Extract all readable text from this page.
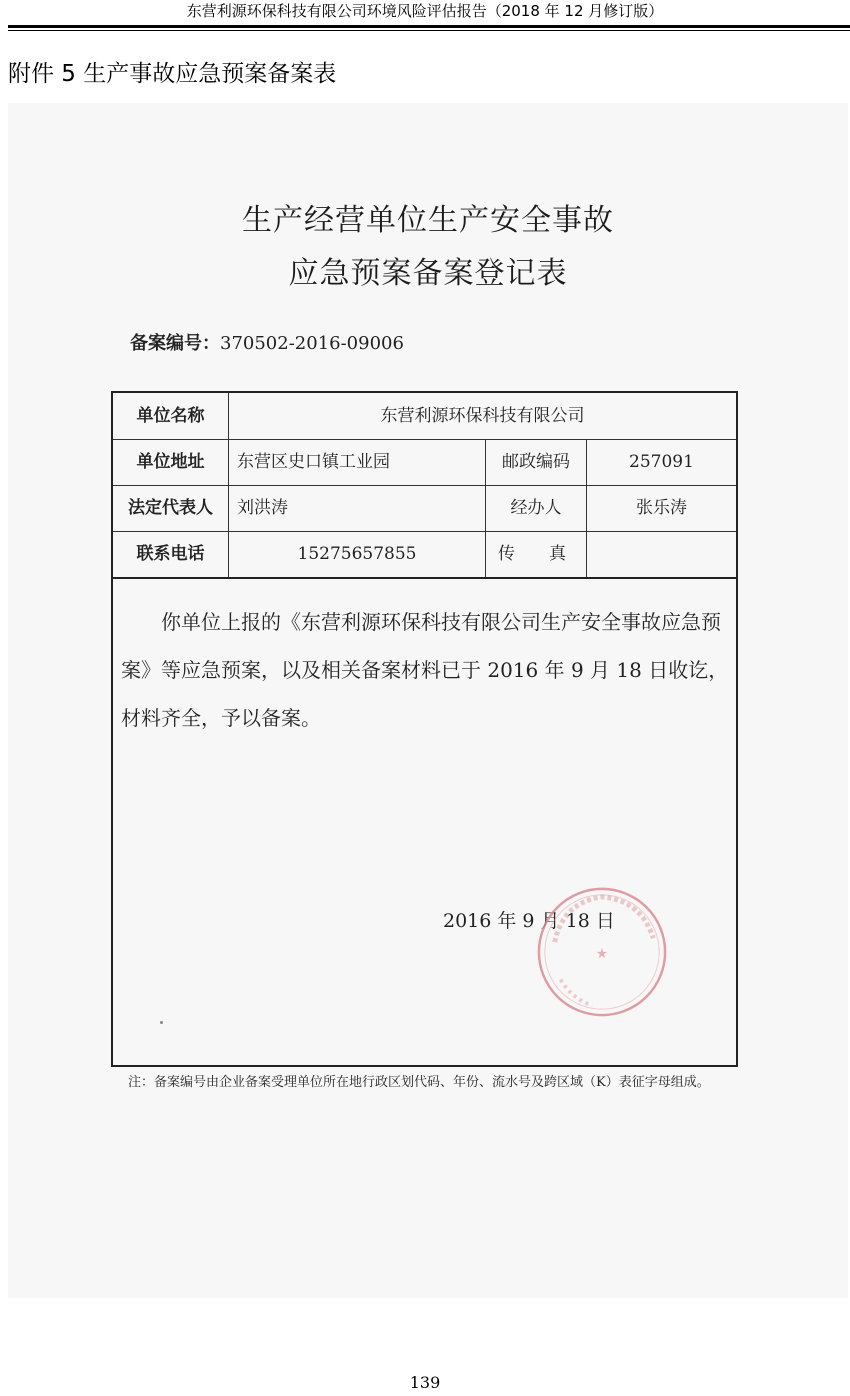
东营利源环保科技有限公司环境风险评估报告（2018 年 12 月修订版）
附件 5 生产事故应急预案备案表
生产经营单位生产安全事故
应急预案备案登记表
备案编号：370502-2016-09006
单位名称	东营利源环保科技有限公司
单位地址	东营区史口镇工业园	邮政编码	257091
法定代表人	刘洪涛	经办人	张乐涛
联系电话	15275657855	传　　真
　　你单位上报的《东营利源环保科技有限公司生产安全事故应急预案》等应急预案，以及相关备案材料已于 2016 年 9 月 18 日收讫，材料齐全，予以备案。
2016 年 9 月 18 日
★
注：备案编号由企业备案受理单位所在地行政区划代码、年份、流水号及跨区域（K）表征字母组成。
139
